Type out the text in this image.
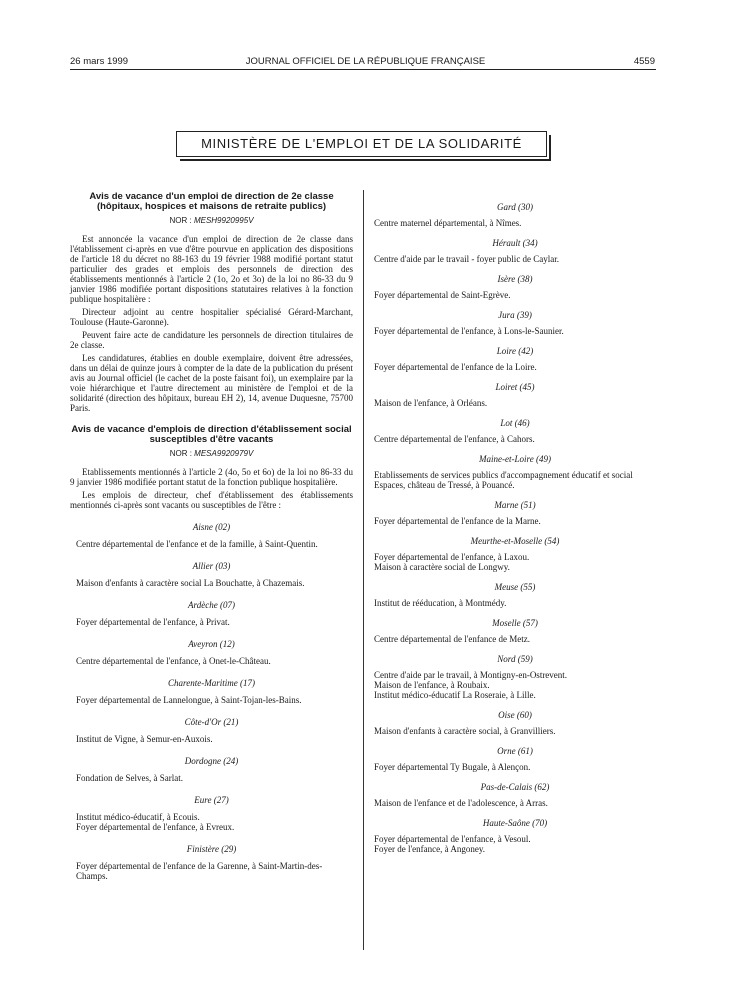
26 mars 1999	JOURNAL OFFICIEL DE LA RÉPUBLIQUE FRANÇAISE	4559
MINISTÈRE DE L'EMPLOI ET DE LA SOLIDARITÉ
Avis de vacance d'un emploi de direction de 2e classe (hôpitaux, hospices et maisons de retraite publics)
NOR : MESH9920995V

Est annoncée la vacance d'un emploi de direction de 2e classe dans l'établissement ci-après en vue d'être pourvue en application des dispositions de l'article 18 du décret no 88-163 du 19 février 1988 modifié portant statut particulier des grades et emplois des personnels de direction des établissements mentionnés à l'article 2 (1o, 2o et 3o) de la loi no 86-33 du 9 janvier 1986 modifiée portant dispositions statutaires relatives à la fonction publique hospitalière :

Directeur adjoint au centre hospitalier spécialisé Gérard-Marchant, Toulouse (Haute-Garonne).

Peuvent faire acte de candidature les personnels de direction titulaires de 2e classe.

Les candidatures, établies en double exemplaire, doivent être adressées, dans un délai de quinze jours à compter de la date de la publication du présent avis au Journal officiel (le cachet de la poste faisant foi), un exemplaire par la voie hiérarchique et l'autre directement au ministère de l'emploi et de la solidarité (direction des hôpitaux, bureau EH 2), 14, avenue Duquesne, 75700 Paris.

Avis de vacance d'emplois de direction d'établissement social susceptibles d'être vacants
NOR : MESA9920979V

Etablissements mentionnés à l'article 2 (4o, 5o et 6o) de la loi no 86-33 du 9 janvier 1986 modifiée portant statut de la fonction publique hospitalière.

Les emplois de directeur, chef d'établissement des établissements mentionnés ci-après sont vacants ou susceptibles de l'être :

Aisne (02)
Centre départemental de l'enfance et de la famille, à Saint-Quentin.
Allier (03)
Maison d'enfants à caractère social La Bouchatte, à Chazemais.
Ardèche (07)
Foyer départemental de l'enfance, à Privat.
Aveyron (12)
Centre départemental de l'enfance, à Onet-le-Château.
Charente-Maritime (17)
Foyer départemental de Lannelongue, à Saint-Tojan-les-Bains.
Côte-d'Or (21)
Institut de Vigne, à Semur-en-Auxois.
Dordogne (24)
Fondation de Selves, à Sarlat.
Eure (27)
Institut médico-éducatif, à Ecouis.
Foyer départemental de l'enfance, à Evreux.
Finistère (29)
Foyer départemental de l'enfance de la Garenne, à Saint-Martin-des-Champs.
Gard (30)
Centre maternel départemental, à Nîmes.
Hérault (34)
Centre d'aide par le travail - foyer public de Caylar.
Isère (38)
Foyer départemental de Saint-Egrève.
Jura (39)
Foyer départemental de l'enfance, à Lons-le-Saunier.
Loire (42)
Foyer départemental de l'enfance de la Loire.
Loiret (45)
Maison de l'enfance, à Orléans.
Lot (46)
Centre départemental de l'enfance, à Cahors.
Maine-et-Loire (49)
Etablissements de services publics d'accompagnement éducatif et social Espaces, château de Tressé, à Pouancé.
Marne (51)
Foyer départemental de l'enfance de la Marne.
Meurthe-et-Moselle (54)
Foyer départemental de l'enfance, à Laxou.
Maison à caractère social de Longwy.
Meuse (55)
Institut de rééducation, à Montmédy.
Moselle (57)
Centre départemental de l'enfance de Metz.
Nord (59)
Centre d'aide par le travail, à Montigny-en-Ostrevent.
Maison de l'enfance, à Roubaix.
Institut médico-éducatif La Roseraie, à Lille.
Oise (60)
Maison d'enfants à caractère social, à Granvilliers.
Orne (61)
Foyer départemental Ty Bugale, à Alençon.
Pas-de-Calais (62)
Maison de l'enfance et de l'adolescence, à Arras.
Haute-Saône (70)
Foyer départemental de l'enfance, à Vesoul.
Foyer de l'enfance, à Angoney.
